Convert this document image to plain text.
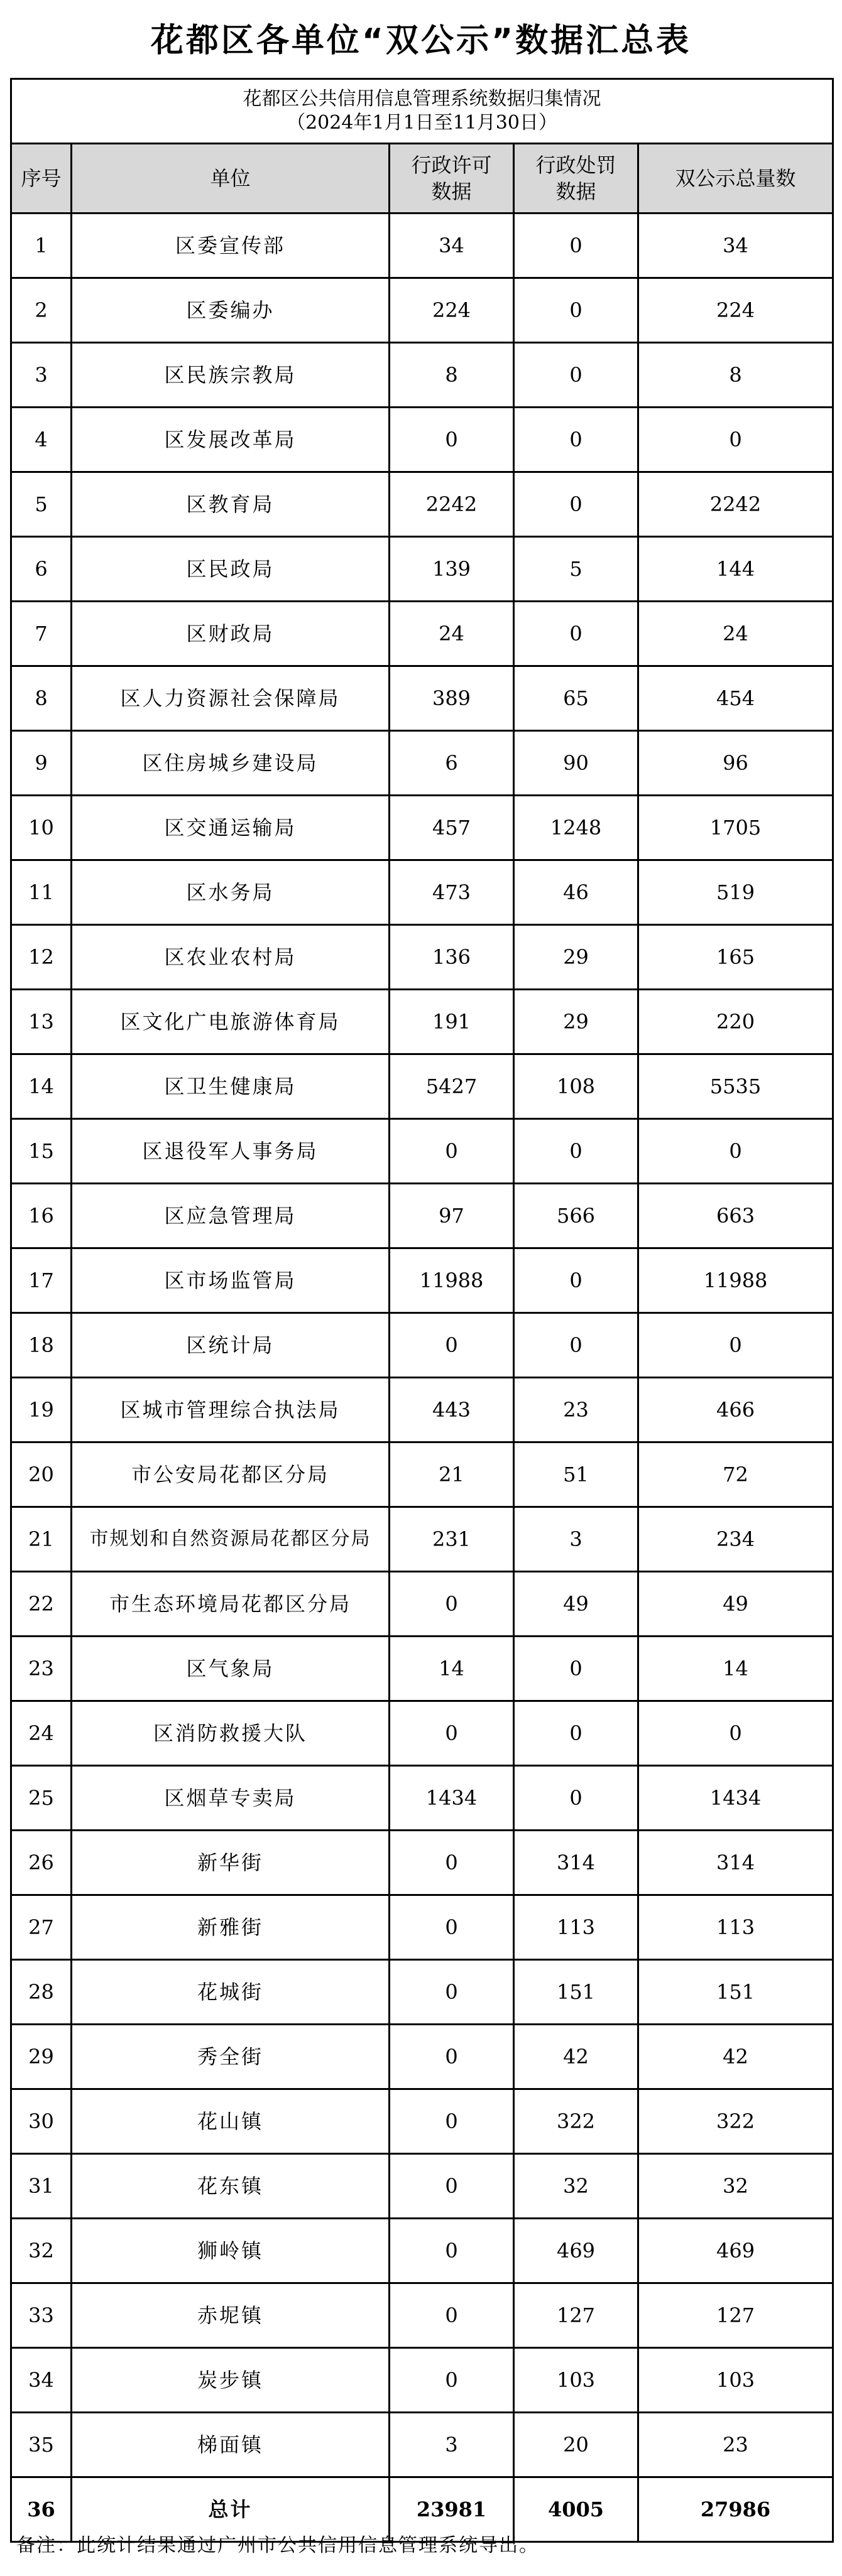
花都区各单位“双公示”数据汇总表
花都区公共信用信息管理系统数据归集情况
（2024年1月1日至11月30日）				

序号	单位	行政许可数据	行政处罚数据	双公示总量数
1	区委宣传部	34	0	34
2	区委编办	224	0	224
3	区民族宗教局	8	0	8
4	区发展改革局	0	0	0
5	区教育局	2242	0	2242
6	区民政局	139	5	144
7	区财政局	24	0	24
8	区人力资源社会保障局	389	65	454
9	区住房城乡建设局	6	90	96
10	区交通运输局	457	1248	1705
11	区水务局	473	46	519
12	区农业农村局	136	29	165
13	区文化广电旅游体育局	191	29	220
14	区卫生健康局	5427	108	5535
15	区退役军人事务局	0	0	0
16	区应急管理局	97	566	663
17	区市场监管局	11988	0	11988
18	区统计局	0	0	0
19	区城市管理综合执法局	443	23	466
20	市公安局花都区分局	21	51	72
21	市规划和自然资源局花都区分局	231	3	234
22	市生态环境局花都区分局	0	49	49
23	区气象局	14	0	14
24	区消防救援大队	0	0	0
25	区烟草专卖局	1434	0	1434
26	新华街	0	314	314
27	新雅街	0	113	113
28	花城街	0	151	151
29	秀全街	0	42	42
30	花山镇	0	322	322
31	花东镇	0	32	32
32	狮岭镇	0	469	469
33	赤坭镇	0	127	127
34	炭步镇	0	103	103
35	梯面镇	3	20	23
36	总计	23981	4005	27986
备注：此统计结果通过广州市公共信用信息管理系统导出。
